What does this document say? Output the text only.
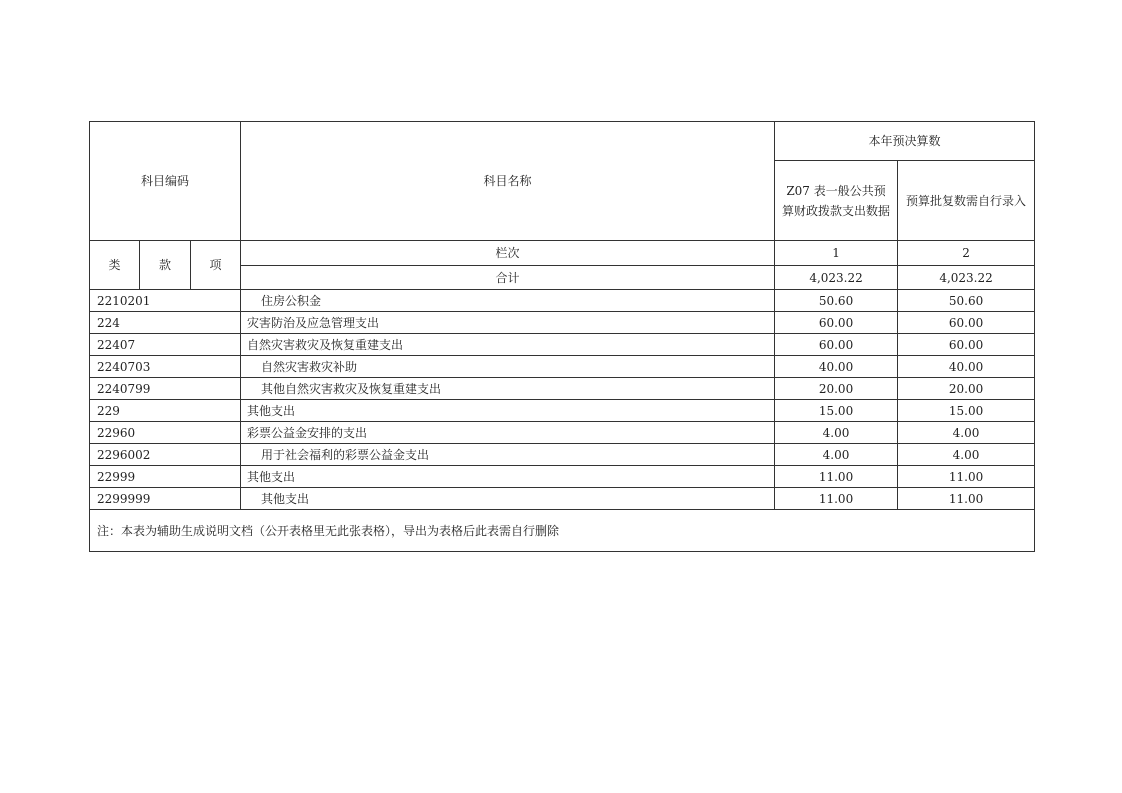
科目编码			科目名称	本年预决算数	
				Z07 表一般公共预算财政拨款支出数据	预算批复数需自行录入
类	款	项	栏次	1	2
			合计	4,023.22	4,023.22
2210201			住房公积金	50.60	50.60
224			灾害防治及应急管理支出	60.00	60.00
22407			自然灾害救灾及恢复重建支出	60.00	60.00
2240703			自然灾害救灾补助	40.00	40.00
2240799			其他自然灾害救灾及恢复重建支出	20.00	20.00
229			其他支出	15.00	15.00
22960			彩票公益金安排的支出	4.00	4.00
2296002			用于社会福利的彩票公益金支出	4.00	4.00
22999			其他支出	11.00	11.00
2299999			其他支出	11.00	11.00
注：本表为辅助生成说明文档（公开表格里无此张表格），导出为表格后此表需自行删除					
